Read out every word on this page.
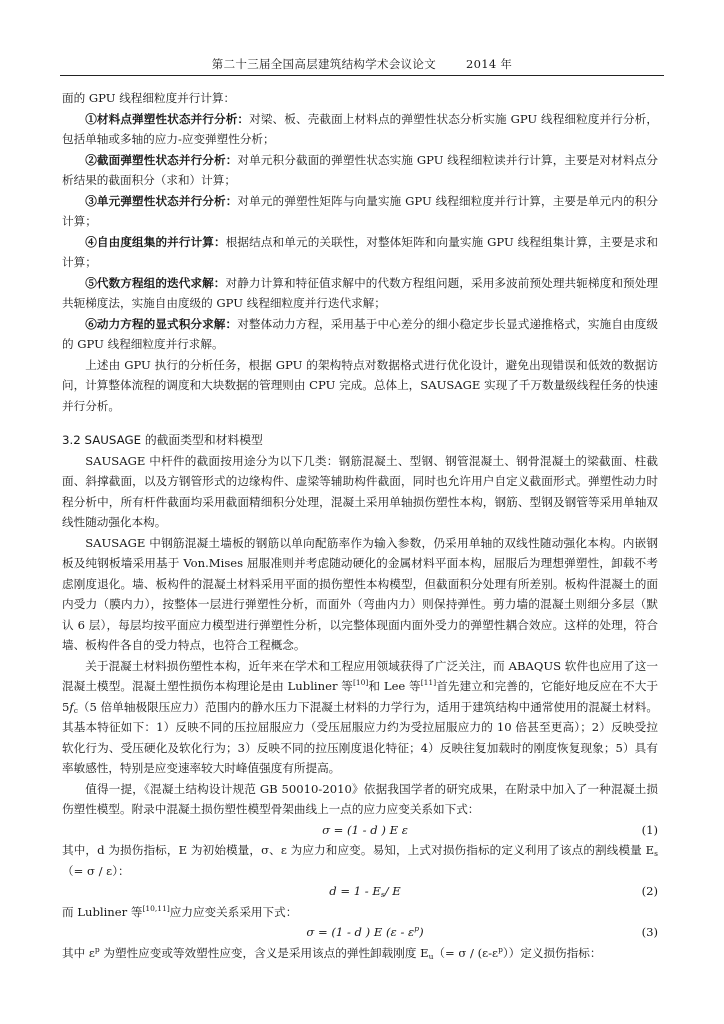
第二十三届全国高层建筑结构学术会议论文	2014 年

面的 GPU 线程细粒度并行计算：

①材料点弹塑性状态并行分析：对梁、板、壳截面上材料点的弹塑性状态分析实施 GPU 线程细粒度并行分析，包括单轴或多轴的应力-应变弹塑性分析；

②截面弹塑性状态并行分析：对单元积分截面的弹塑性状态实施 GPU 线程细粒读并行计算，主要是对材料点分析结果的截面积分（求和）计算；

③单元弹塑性状态并行分析：对单元的弹塑性矩阵与向量实施 GPU 线程细粒度并行计算，主要是单元内的积分计算；

④自由度组集的并行计算：根据结点和单元的关联性，对整体矩阵和向量实施 GPU 线程组集计算，主要是求和计算；

⑤代数方程组的迭代求解：对静力计算和特征值求解中的代数方程组问题，采用多波前预处理共轭梯度和预处理共轭梯度法，实施自由度级的 GPU 线程细粒度并行迭代求解；

⑥动力方程的显式积分求解：对整体动力方程，采用基于中心差分的细小稳定步长显式递推格式，实施自由度级的 GPU 线程细粒度并行求解。

上述由 GPU 执行的分析任务，根据 GPU 的架构特点对数据格式进行优化设计，避免出现错误和低效的数据访问，计算整体流程的调度和大块数据的管理则由 CPU 完成。总体上，SAUSAGE 实现了千万数量级线程任务的快速并行分析。

3.2 SAUSAGE 的截面类型和材料模型

SAUSAGE 中杆件的截面按用途分为以下几类：钢筋混凝土、型钢、钢管混凝土、钢骨混凝土的梁截面、柱截面、斜撑截面，以及方钢管形式的边缘构件、虚梁等辅助构件截面，同时也允许用户自定义截面形式。弹塑性动力时程分析中，所有杆件截面均采用截面精细积分处理，混凝土采用单轴损伤塑性本构，钢筋、型钢及钢管等采用单轴双线性随动强化本构。

SAUSAGE 中钢筋混凝土墙板的钢筋以单向配筋率作为输入参数，仍采用单轴的双线性随动强化本构。内嵌钢板及纯钢板墙采用基于 Von.Mises 屈服准则并考虑随动硬化的金属材料平面本构，屈服后为理想弹塑性，卸载不考虑刚度退化。墙、板构件的混凝土材料采用平面的损伤塑性本构模型，但截面积分处理有所差别。板构件混凝土的面内受力（膜内力），按整体一层进行弹塑性分析，而面外（弯曲内力）则保持弹性。剪力墙的混凝土则细分多层（默认 6 层），每层均按平面应力模型进行弹塑性分析，以完整体现面内面外受力的弹塑性耦合效应。这样的处理，符合墙、板构件各自的受力特点，也符合工程概念。

关于混凝土材料损伤塑性本构，近年来在学术和工程应用领域获得了广泛关注，而 ABAQUS 软件也应用了这一混凝土模型。混凝土塑性损伤本构理论是由 Lubliner 等[10]和 Lee 等[11]首先建立和完善的，它能好地反应在不大于 $5f_c(5$ 倍单轴极限压应力）范围内的静水压力下混凝土材料的力学行为，适用于建筑结构中通常使用的混凝土材料。其基本特征如下：1）反映不同的压拉屈服应力（受压屈服应力约为受拉屈服应力的 10 倍甚至更高）；2）反映受拉软化行为、受压硬化及软化行为；3）反映不同的拉压刚度退化特征；4）反映往复加载时的刚度恢复现象；5）具有率敏感性，特别是应变速率较大时峰值强度有所提高。

值得一提，《混凝土结构设计规范 GB 50010-2010》依据我国学者的研究成果，在附录中加入了一种混凝土损伤塑性模型。附录中混凝土损伤塑性模型骨架曲线上一点的应力应变关系如下式：

σ = (1 - d ) E ε	(1)

其中，d 为损伤指标，E 为初始模量，σ、ε 为应力和应变。易知，上式对损伤指标的定义利用了该点的割线模量 $E_s(= \sigma / \varepsilon)$：

$d = 1 - E_s/$ E	(2)

而 Lubliner 等[10,11]应力应变关系采用下式：

σ = (1 - d ) E $(\varepsilon - \varepsilon^p)$	(3)

其中 $\varepsilon^p$ 为塑性应变或等效塑性应变，含义是采用该点的弹性卸载刚度 $E_u(= \sigma / (\varepsilon-\varepsilon^p))$定义损伤指标：
